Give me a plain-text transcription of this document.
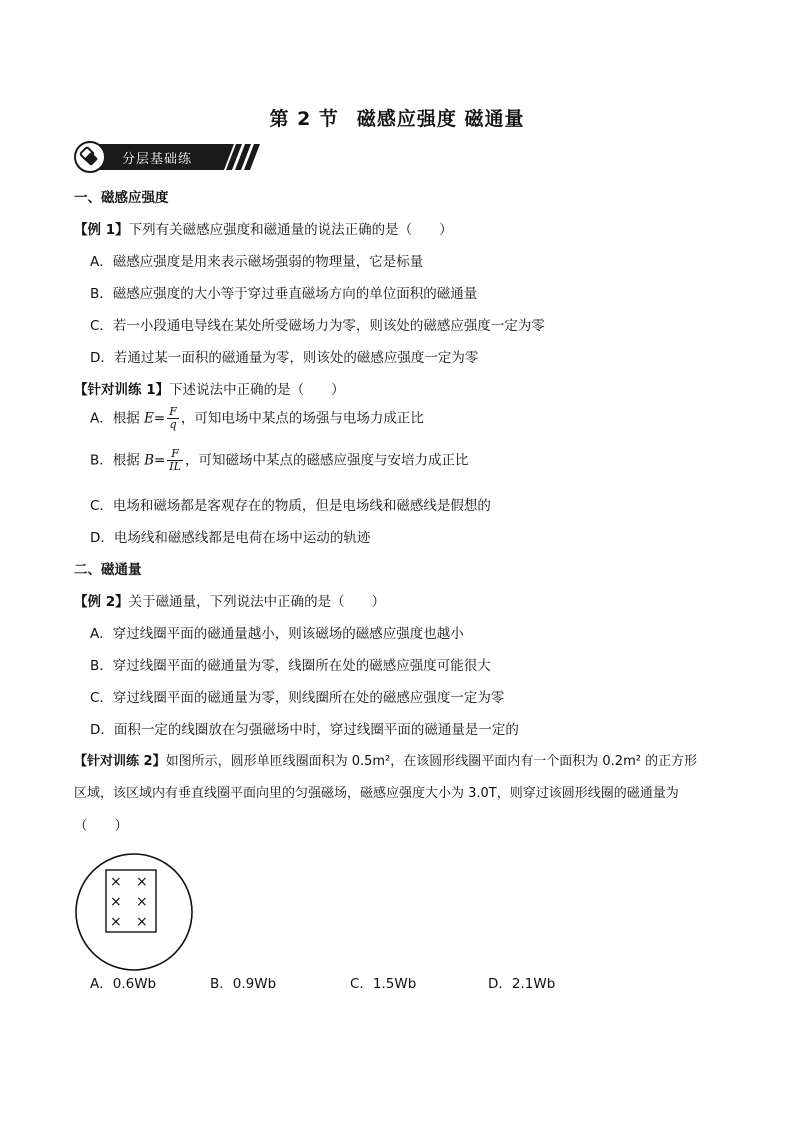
第 2 节 磁感应强度 磁通量
分层基础练
一、磁感应强度
【例 1】下列有关磁感应强度和磁通量的说法正确的是（　　）
A．磁感应强度是用来表示磁场强弱的物理量，它是标量
B．磁感应强度的大小等于穿过垂直磁场方向的单位面积的磁通量
C．若一小段通电导线在某处所受磁场力为零，则该处的磁感应强度一定为零
D．若通过某一面积的磁通量为零，则该处的磁感应强度一定为零
【针对训练 1】下述说法中正确的是（　　）
A．根据 $E= \frac{F}{q}$ ，可知电场中某点的场强与电场力成正比
B．根据 $B= \frac{F}{IL}$ ，可知磁场中某点的磁感应强度与安培力成正比
C．电场和磁场都是客观存在的物质，但是电场线和磁感线是假想的
D．电场线和磁感线都是电荷在场中运动的轨迹
二、磁通量
【例 2】关于磁通量，下列说法中正确的是（　　）
A．穿过线圈平面的磁通量越小，则该磁场的磁感应强度也越小
B．穿过线圈平面的磁通量为零，线圈所在处的磁感应强度可能很大
C．穿过线圈平面的磁通量为零，则线圈所在处的磁感应强度一定为零
D．面积一定的线圈放在匀强磁场中时，穿过线圈平面的磁通量是一定的
【针对训练 2】如图所示，圆形单匝线圈面积为 0.5m²，在该圆形线圈平面内有一个面积为 0.2m² 的正方形
区域，该区域内有垂直线圈平面向里的匀强磁场，磁感应强度大小为 3.0T，则穿过该圆形线圈的磁通量为
（　　）
× ×
× ×
× ×
A．0.6Wb	B．0.9Wb	C．1.5Wb	D．2.1Wb
